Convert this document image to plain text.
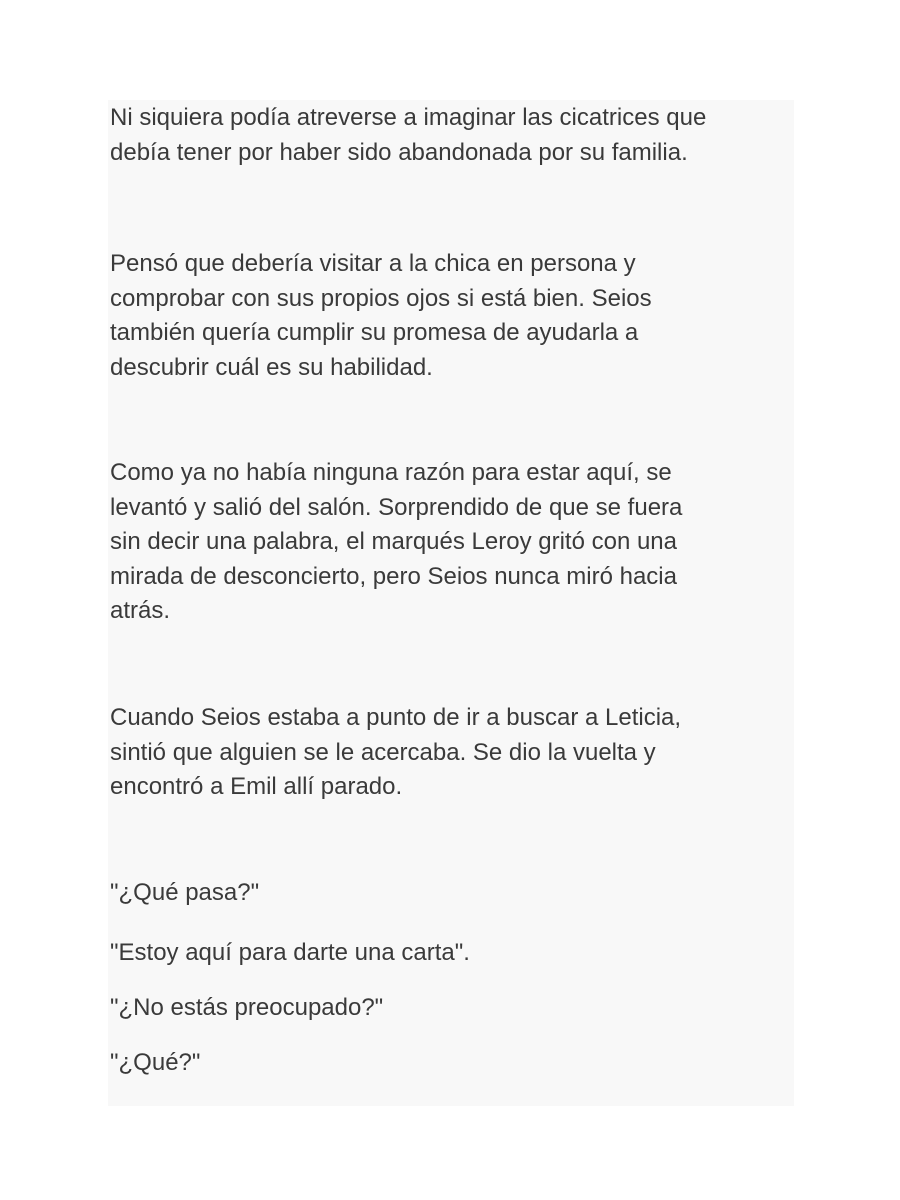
Ni siquiera podía atreverse a imaginar las cicatrices que
debía tener por haber sido abandonada por su familia.

Pensó que debería visitar a la chica en persona y
comprobar con sus propios ojos si está bien. Seios
también quería cumplir su promesa de ayudarla a
descubrir cuál es su habilidad.

Como ya no había ninguna razón para estar aquí, se
levantó y salió del salón. Sorprendido de que se fuera
sin decir una palabra, el marqués Leroy gritó con una
mirada de desconcierto, pero Seios nunca miró hacia
atrás.

Cuando Seios estaba a punto de ir a buscar a Leticia,
sintió que alguien se le acercaba. Se dio la vuelta y
encontró a Emil allí parado.

"¿Qué pasa?"

"Estoy aquí para darte una carta".

"¿No estás preocupado?"

"¿Qué?"
